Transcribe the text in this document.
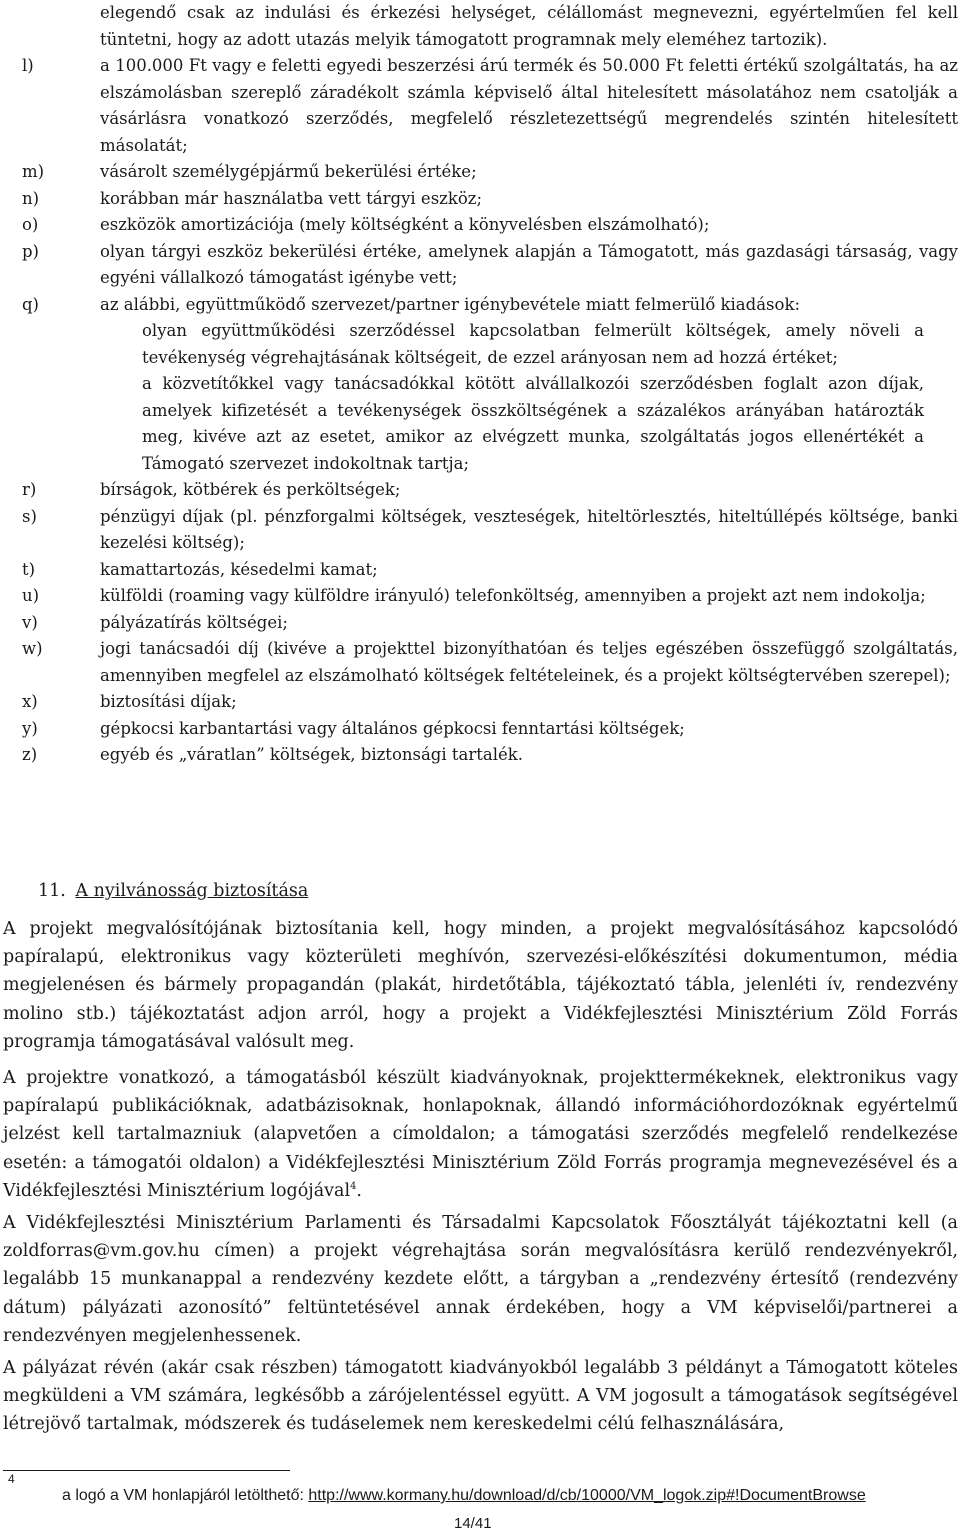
elegendő csak az indulási és érkezési helységet, célállomást megnevezni, egyértelműen fel kell tüntetni, hogy az adott utazás melyik támogatott programnak mely eleméhez tartozik).
l)	a 100.000 Ft vagy e feletti egyedi beszerzési árú termék és 50.000 Ft feletti értékű szolgáltatás, ha az elszámolásban szereplő záradékolt számla képviselő által hitelesített másolatához nem csatolják a vásárlásra vonatkozó szerződés, megfelelő részletezettségű megrendelés szintén hitelesített másolatát;
m)	vásárolt személygépjármű bekerülési értéke;
n)	korábban már használatba vett tárgyi eszköz;
o)	eszközök amortizációja (mely költségként a könyvelésben elszámolható);
p)	olyan tárgyi eszköz bekerülési értéke, amelynek alapján a Támogatott, más gazdasági társaság, vagy egyéni vállalkozó támogatást igénybe vett;
q)	az alábbi, együttműködő szervezet/partner igénybevétele miatt felmerülő kiadások:
olyan együttműködési szerződéssel kapcsolatban felmerült költségek, amely növeli a tevékenység végrehajtásának költségeit, de ezzel arányosan nem ad hozzá értéket;
a közvetítőkkel vagy tanácsadókkal kötött alvállalkozói szerződésben foglalt azon díjak, amelyek kifizetését a tevékenységek összköltségének a százalékos arányában határozták meg, kivéve azt az esetet, amikor az elvégzett munka, szolgáltatás jogos ellenértékét a Támogató szervezet indokoltnak tartja;
r)	bírságok, kötbérek és perköltségek;
s)	pénzügyi díjak (pl. pénzforgalmi költségek, veszteségek, hiteltörlesztés, hiteltúllépés költsége, banki kezelési költség);
t)	kamattartozás, késedelmi kamat;
u)	külföldi (roaming vagy külföldre irányuló) telefonköltség, amennyiben a projekt azt nem indokolja;
v)	pályázatírás költségei;
w)	jogi tanácsadói díj (kivéve a projekttel bizonyíthatóan és teljes egészében összefüggő szolgáltatás, amennyiben megfelel az elszámolható költségek feltételeinek, és a projekt költségtervében szerepel);
x)	biztosítási díjak;
y)	gépkocsi karbantartási vagy általános gépkocsi fenntartási költségek;
z)	egyéb és „váratlan” költségek, biztonsági tartalék.
11. A nyilvánosság biztosítása
A projekt megvalósítójának biztosítania kell, hogy minden, a projekt megvalósításához kapcsolódó papíralapú, elektronikus vagy közterületi meghívón, szervezési-előkészítési dokumentumon, média megjelenésen és bármely propagandán (plakát, hirdetőtábla, tájékoztató tábla, jelenléti ív, rendezvény molino stb.) tájékoztatást adjon arról, hogy a projekt a Vidékfejlesztési Minisztérium Zöld Forrás programja támogatásával valósult meg.
A projektre vonatkozó, a támogatásból készült kiadványoknak, projekttermékeknek, elektronikus vagy papíralapú publikációknak, adatbázisoknak, honlapoknak, állandó információhordozóknak egyértelmű jelzést kell tartalmazniuk (alapvetően a címoldalon; a támogatási szerződés megfelelő rendelkezése esetén: a támogatói oldalon) a Vidékfejlesztési Minisztérium Zöld Forrás programja megnevezésével és a Vidékfejlesztési Minisztérium logójával$^4$.
A Vidékfejlesztési Minisztérium Parlamenti és Társadalmi Kapcsolatok Főosztályát tájékoztatni kell (a zoldforras@vm.gov.hu címen) a projekt végrehajtása során megvalósításra kerülő rendezvényekről, legalább 15 munkanappal a rendezvény kezdete előtt, a tárgyban a „rendezvény értesítő (rendezvény dátum) pályázati azonosító” feltüntetésével annak érdekében, hogy a VM képviselői/partnerei a rendezvényen megjelenhessenek.
A pályázat révén (akár csak részben) támogatott kiadványokból legalább 3 példányt a Támogatott köteles megküldeni a VM számára, legkésőbb a zárójelentéssel együtt. A VM jogosult a támogatások segítségével létrejövő tartalmak, módszerek és tudáselemek nem kereskedelmi célú felhasználására,
4
a logó a VM honlapjáról letölthető: http://www.kormany.hu/download/d/cb/10000/VM_logok.zip#!DocumentBrowse
14/41
